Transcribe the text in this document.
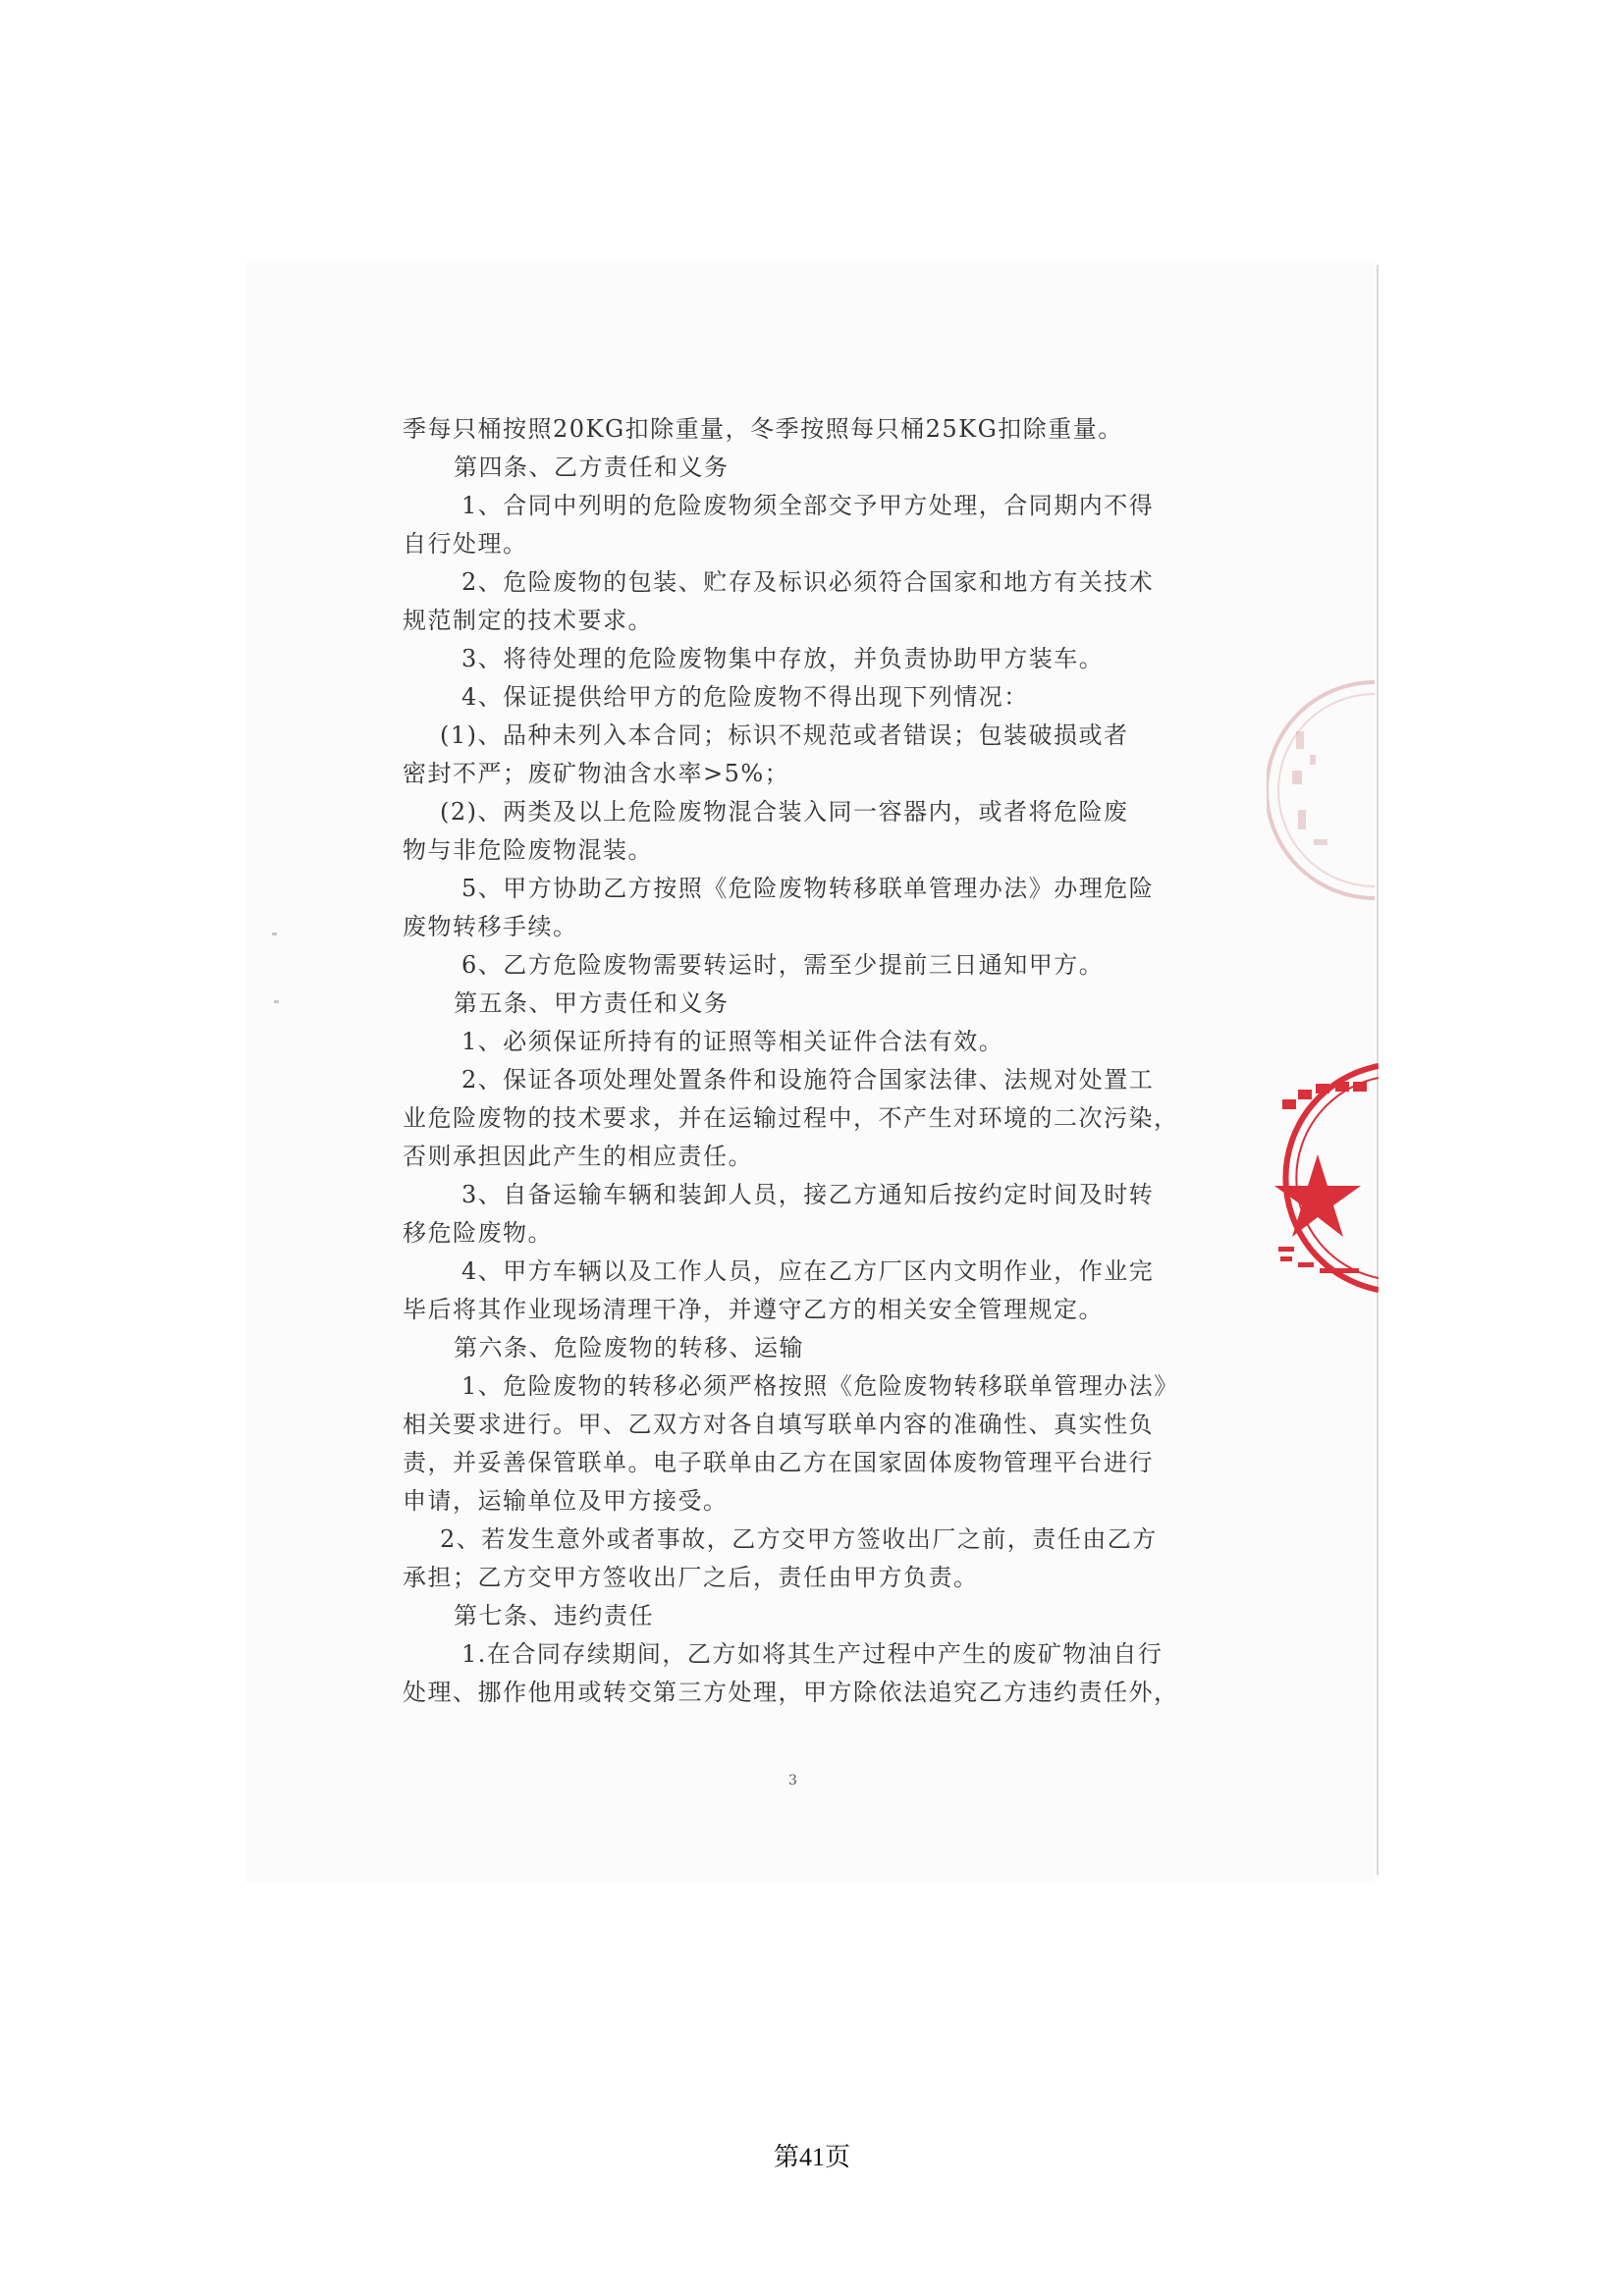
季每只桶按照20KG扣除重量，冬季按照每只桶25KG扣除重量。
第四条、乙方责任和义务
1、合同中列明的危险废物须全部交予甲方处理，合同期内不得
自行处理。
2、危险废物的包装、贮存及标识必须符合国家和地方有关技术
规范制定的技术要求。
3、将待处理的危险废物集中存放，并负责协助甲方装车。
4、保证提供给甲方的危险废物不得出现下列情况：
(1)、品种未列入本合同；标识不规范或者错误；包装破损或者
密封不严；废矿物油含水率>5%；
(2)、两类及以上危险废物混合装入同一容器内，或者将危险废
物与非危险废物混装。
5、甲方协助乙方按照《危险废物转移联单管理办法》办理危险
废物转移手续。
6、乙方危险废物需要转运时，需至少提前三日通知甲方。
第五条、甲方责任和义务
1、必须保证所持有的证照等相关证件合法有效。
2、保证各项处理处置条件和设施符合国家法律、法规对处置工
业危险废物的技术要求，并在运输过程中，不产生对环境的二次污染，
否则承担因此产生的相应责任。
3、自备运输车辆和装卸人员，接乙方通知后按约定时间及时转
移危险废物。
4、甲方车辆以及工作人员，应在乙方厂区内文明作业，作业完
毕后将其作业现场清理干净，并遵守乙方的相关安全管理规定。
第六条、危险废物的转移、运输
1、危险废物的转移必须严格按照《危险废物转移联单管理办法》
相关要求进行。甲、乙双方对各自填写联单内容的准确性、真实性负
责，并妥善保管联单。电子联单由乙方在国家固体废物管理平台进行
申请，运输单位及甲方接受。
2、若发生意外或者事故，乙方交甲方签收出厂之前，责任由乙方
承担；乙方交甲方签收出厂之后，责任由甲方负责。
第七条、违约责任
1.在合同存续期间，乙方如将其生产过程中产生的废矿物油自行
处理、挪作他用或转交第三方处理，甲方除依法追究乙方违约责任外，
3
第41页
